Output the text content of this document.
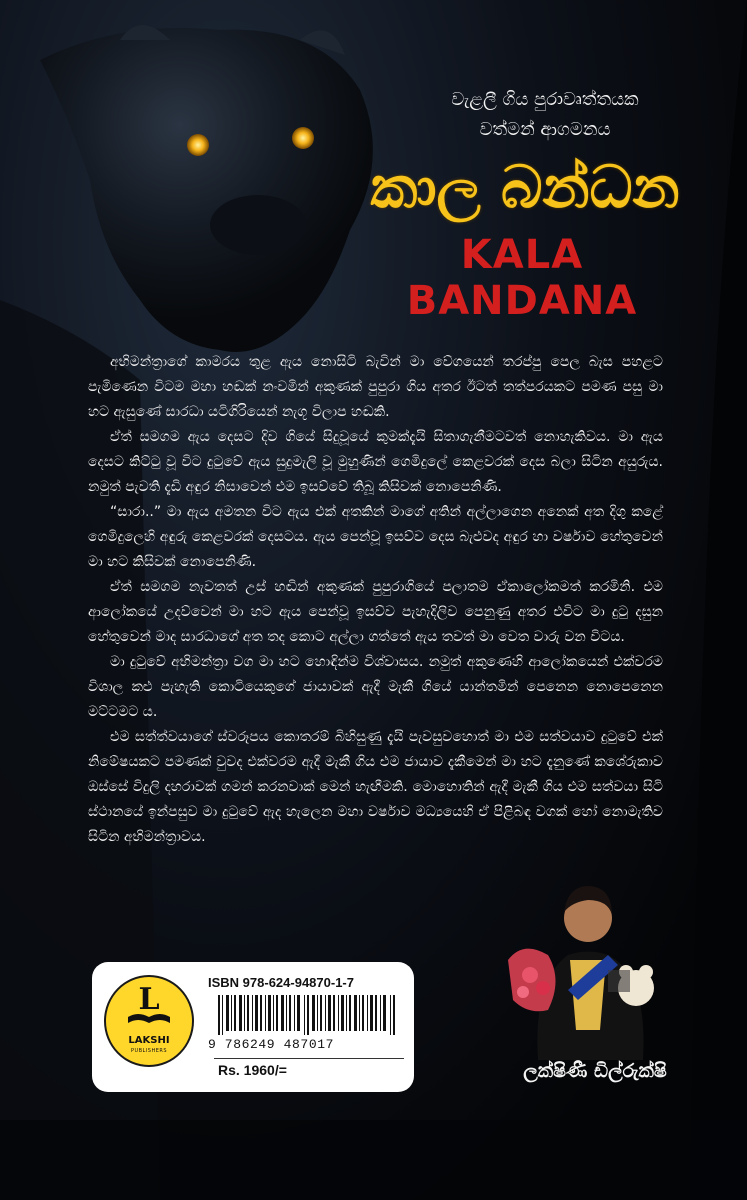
වැළලී ගිය පුරාවෘත්තයක
වත්මන් ආගමනය
කාල බන්ධන
KALA BANDANA

අභිමන්ත්‍රාගේ කාමරය තුළ ඇය නොසිටි බැවින් මා වේගයෙන් තරප්පු පෙල බැස පහළට පැමිණෙන විටම මහා හඬක් නංවමින් අකුණක් පුපුරා ගිය අතර ඊටත් තත්පරයකට පමණ පසු මා හට ඇසුණේ සාරධා යටිගිරියෙන් නැගූ විලාප හඬකි.

ඒත් සමගම ඇය දෙසට දිව ගියේ සිදුවූයේ කුමක්දැයි සිතාගැනීමටවත් නොහැකිවය. මා ඇය දෙසට කිට්ටු වූ විට දුටුවේ ඇය සුදුමැලි වූ මුහුණින් ගෙමිදුලේ කෙළවරක් දෙස බලා සිටින අයුරුය. නමුත් පැවති දැඩි අඳුර නිසාවෙන් එම ඉසව්වේ තිබූ කිසිවක් නොපෙනිණි.

“සාරා..” මා ඇය අමතන විට ඇය එක් අතකින් මාගේ අතින් අල්ලාගෙන අනෙක් අත දිගු කළේ ගෙමිදුලෙහි අඳුරු කෙළවරක් දෙසටය. ඇය පෙන්වූ ඉසව්ව දෙස බැළුවද අඳුර හා වර්ෂාව හේතුවෙන් මා හට කිසිවක් නොපෙනිණි.

ඒත් සමගම නැවතත් උස් හඬින් අකුණක් පුපුරාගියේ පලාතම ඒකාලෝකමත් කරමිනි. එම ආලෝකයේ උදව්වෙන් මා හට ඇය පෙන්වූ ඉසව්ව පැහැදිලිව පෙනුණු අතර එවිට මා දුටු දසුන හේතුවෙන් මාද සාරධාගේ අත තද කොට අල්ලා ගත්තේ ඇය තවත් මා වෙත වාරු වන විටය.

මා දුටුවේ අභිමන්ත්‍රා වග මා හට හොඳින්ම විශ්වාසය. නමුත් අකුණෙහි ආලෝකයෙන් එක්වරම විශාල කළු පැහැති කොටියෙකුගේ ජායාවක් ඇදී මැකී ගියේ යාන්තමින් පෙනෙන නොපෙනෙන මට්ටමට ය.

එම සත්ත්වයාගේ ස්වරූපය කොතරම් බිහිසුණු දැයි පැවසුවහොත් මා එම සත්වයාව දුටුවේ එක් නිමේෂයකට පමණක් වුවද එක්වරම ඇදී මැකී ගිය එම ජායාව දැකීමෙන් මා හට දැනුණේ කශේරුකාව ඔස්සේ විදුලි දහරාවක් ගමන් කරනවාක් මෙන් හැඟීමකි. මොහොතින් ඇදී මැකී ගිය එම සත්වයා සිටි ස්ථානයේ ඉන්පසුව මා දුටුවේ ඇද හැලෙන මහා වර්ෂාව මධ්‍යයෙහි ඒ පිළිබඳ වගක් හෝ නොමැතිව සිටින අභිමන්ත්‍රාවය.

ලක්ෂිණී ඩිල්රුක්ෂි
L
LAKSHI
PUBLISHERS
ISBN 978-624-94870-1-7
9 786249 487017
Rs. 1960/=
